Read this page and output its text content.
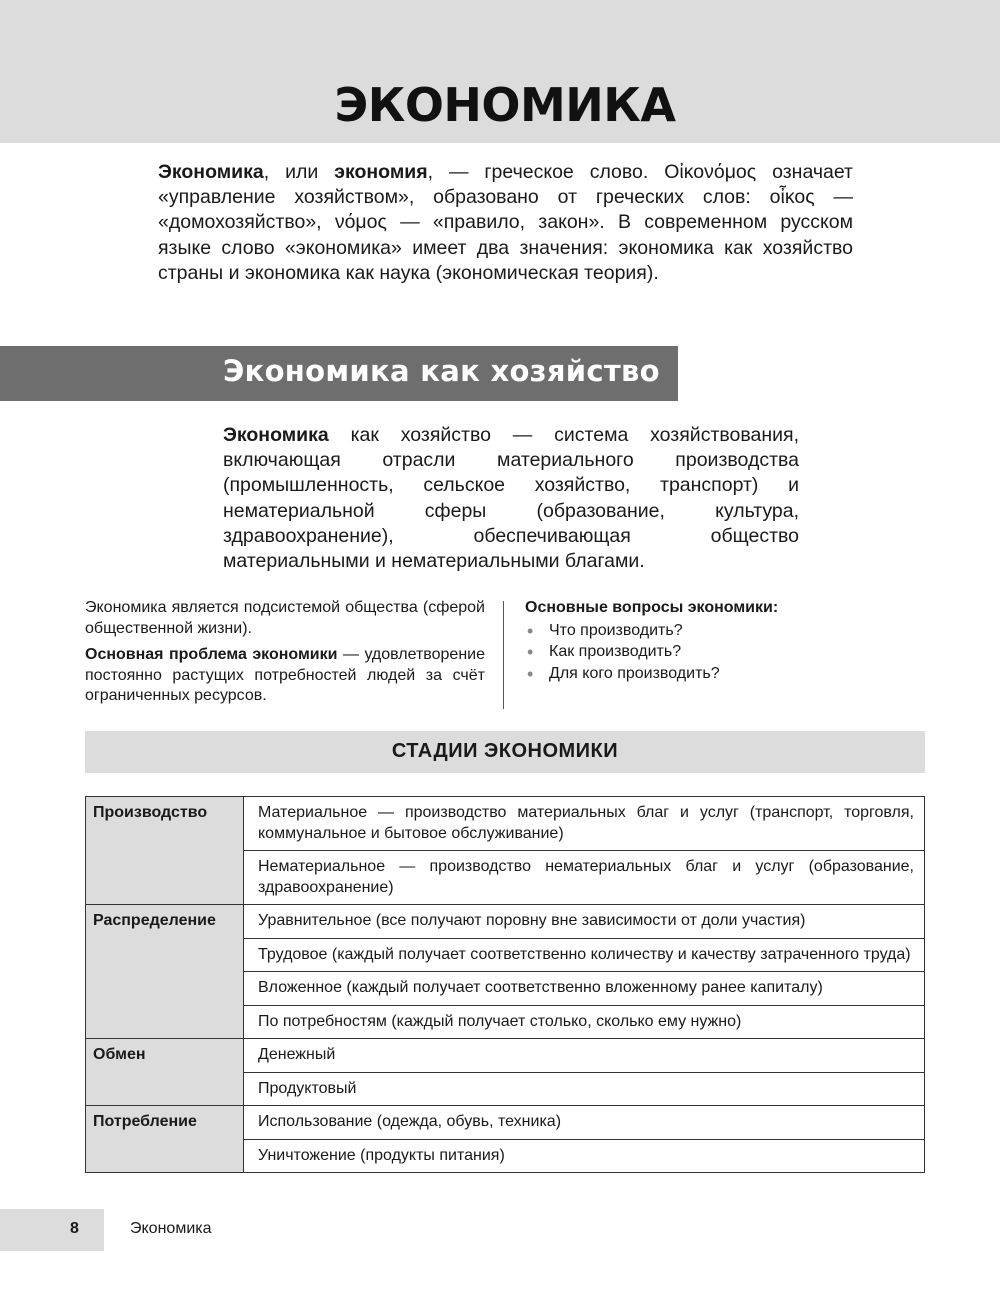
ЭКОНОМИКА

Экономика, или экономия, — греческое слово. Οἰκονόμος означает «управление хозяйством», образовано от греческих слов: οἶκος — «домохозяйство», νόμος — «правило, закон». В современном русском языке слово «экономика» имеет два значения: экономика как хозяйство страны и экономика как наука (экономическая теория).

Экономика как хозяйство

Экономика как хозяйство — система хозяйствования, включающая отрасли материального производства (промышленность, сельское хозяйство, транспорт) и нематериальной сферы (образование, культура, здравоохранение), обеспечивающая общество материальными и нематериальными благами.

Экономика является подсистемой общества (сферой общественной жизни).

Основная проблема экономики — удовлетворение постоянно растущих потребностей людей за счёт ограниченных ресурсов.

Основные вопросы экономики:

• Что производить?
• Как производить?
• Для кого производить?
СТАДИИ ЭКОНОМИКИ
Производство	Материальное — производство материальных благ и услуг (транспорт, торговля, коммунальное и бытовое обслуживание)
	Нематериальное — производство нематериальных благ и услуг (образование, здравоохранение)
Распределение	Уравнительное (все получают поровну вне зависимости от доли участия)
	Трудовое (каждый получает соответственно количеству и качеству затраченного труда)
	Вложенное (каждый получает соответственно вложенному ранее капиталу)
	По потребностям (каждый получает столько, сколько ему нужно)
Обмен	Денежный
	Продуктовый
Потребление	Использование (одежда, обувь, техника)
	Уничтожение (продукты питания)
8	Экономика
